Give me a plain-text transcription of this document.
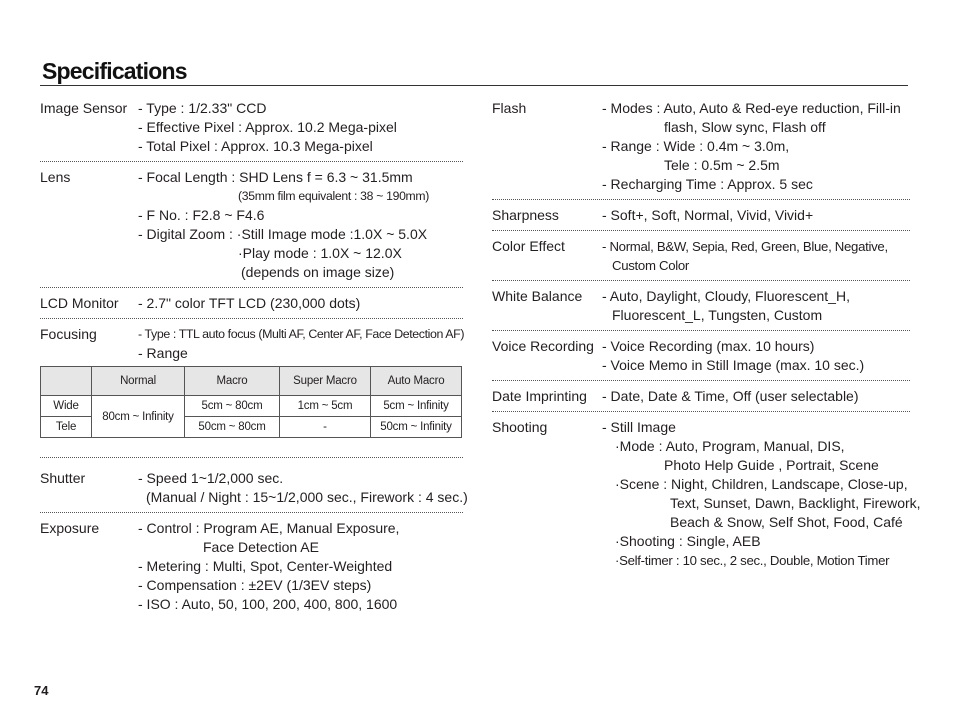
Specifications
Image Sensor - Type : 1/2.33" CCD
- Effective Pixel : Approx. 10.2 Mega-pixel
- Total Pixel : Approx. 10.3 Mega-pixel
Lens	- Focal Length : SHD Lens f = 6.3 ~ 31.5mm
(35mm film equivalent : 38 ~ 190mm)
- F No. : F2.8 ~ F4.6
- Digital Zoom : ·Still Image mode :1.0X ~ 5.0X
·Play mode : 1.0X ~ 12.0X
(depends on image size)
LCD Monitor - 2.7" color TFT LCD (230,000 dots)
Focusing	- Type : TTL auto focus (Multi AF, Center AF, Face Detection AF)
- Range
	Normal	Macro	Super Macro	Auto Macro
Wide	80cm ~ Infinity	5cm ~ 80cm	1cm ~ 5cm	5cm ~ Infinity
Tele		50cm ~ 80cm	-	50cm ~ Infinity
Shutter	- Speed 1~1/2,000 sec.
(Manual / Night : 15~1/2,000 sec., Firework : 4 sec.)
Exposure	- Control : Program AE, Manual Exposure,
Face Detection AE
- Metering : Multi, Spot, Center-Weighted
- Compensation : ±2EV (1/3EV steps)
- ISO : Auto, 50, 100, 200, 400, 800, 1600
Flash	- Modes : Auto, Auto & Red-eye reduction, Fill-in
flash, Slow sync, Flash off
- Range : Wide : 0.4m ~ 3.0m,
Tele : 0.5m ~ 2.5m
- Recharging Time : Approx. 5 sec
Sharpness	- Soft+, Soft, Normal, Vivid, Vivid+
Color Effect	- Normal, B&W, Sepia, Red, Green, Blue, Negative,
Custom Color
White Balance - Auto, Daylight, Cloudy, Fluorescent_H,
Fluorescent_L, Tungsten, Custom
Voice Recording - Voice Recording (max. 10 hours)
- Voice Memo in Still Image (max. 10 sec.)
Date Imprinting - Date, Date & Time, Off (user selectable)
Shooting	- Still Image
·Mode : Auto, Program, Manual, DIS,
Photo Help Guide , Portrait, Scene
·Scene : Night, Children, Landscape, Close-up,
Text, Sunset, Dawn, Backlight, Firework,
Beach & Snow, Self Shot, Food, Café
·Shooting : Single, AEB
·Self-timer : 10 sec., 2 sec., Double, Motion Timer
74
